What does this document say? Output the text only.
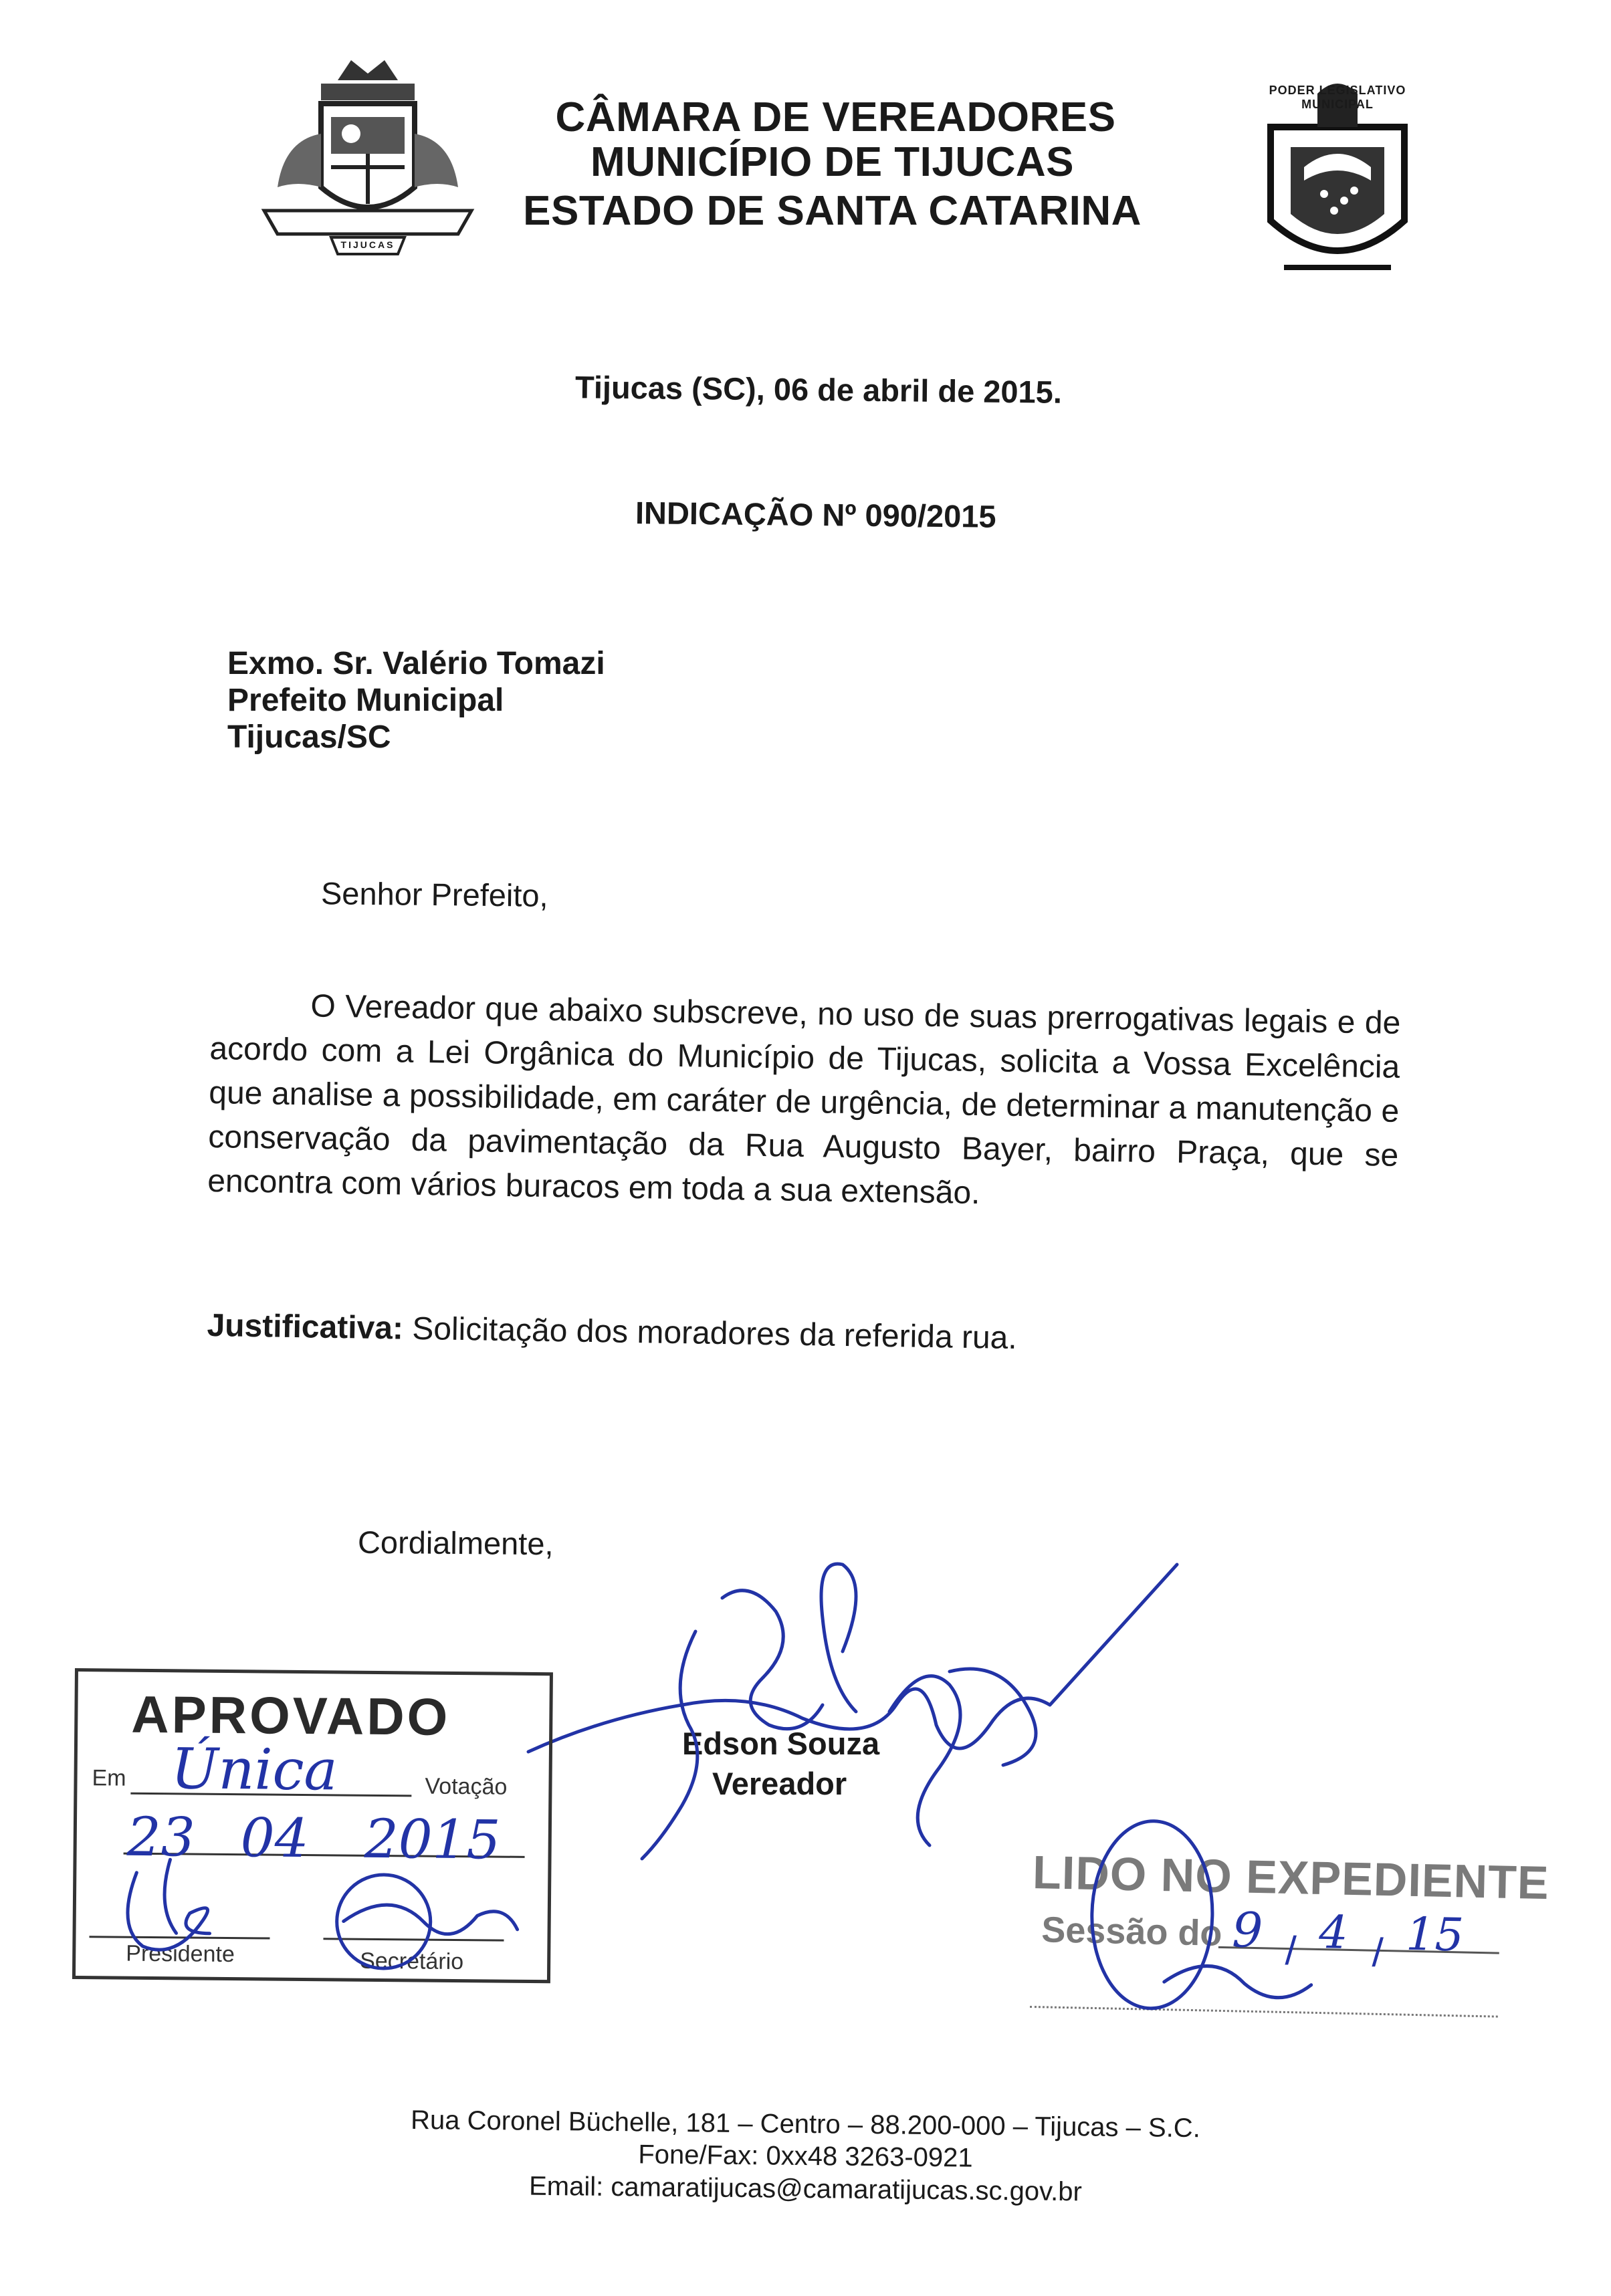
TIJUCAS
CÂMARA DE VEREADORES
MUNICÍPIO DE TIJUCAS
ESTADO DE SANTA CATARINA
PODER LEGISLATIVO MUNICIPAL
Tijucas (SC), 06 de abril de 2015.
INDICAÇÃO Nº 090/2015
Exmo. Sr. Valério Tomazi
Prefeito Municipal
Tijucas/SC
Senhor Prefeito,
O Vereador que abaixo subscreve, no uso de suas prerrogativas legais e de acordo com a Lei Orgânica do Município de Tijucas, solicita a Vossa Excelência que analise a possibilidade, em caráter de urgência, de determinar a manutenção e conservação da pavimentação da Rua Augusto Bayer, bairro Praça, que se encontra com vários buracos em toda a sua extensão.
Justificativa: Solicitação dos moradores da referida rua.
Cordialmente,
Edson Souza
Vereador
APROVADO
Em	Votação
Presidente	Secretário
Única
23 04 2015
LIDO NO EXPEDIENTE
Sessão do 9 4 15
/ /
Rua Coronel Büchelle, 181 – Centro – 88.200-000 – Tijucas – S.C.
Fone/Fax: 0xx48 3263-0921
Email: camaratijucas@camaratijucas.sc.gov.br
